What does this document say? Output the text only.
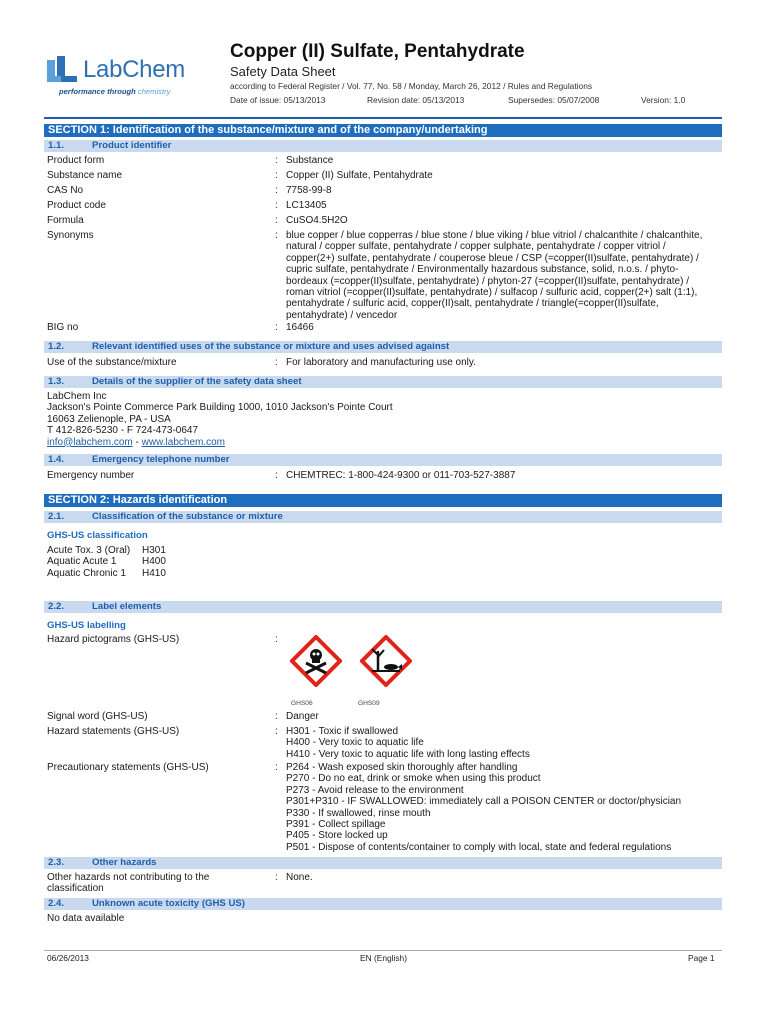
LabChem
performance through chemistry
Copper (II) Sulfate, Pentahydrate
Safety Data Sheet
according to Federal Register / Vol. 77, No. 58 / Monday, March 26, 2012 / Rules and Regulations
Date of issue: 05/13/2013	Revision date: 05/13/2013	Supersedes: 05/07/2008	Version: 1.0
SECTION 1: Identification of the substance/mixture and of the company/undertaking
1.1.	Product identifier
Product form	: Substance
Substance name	: Copper (II) Sulfate, Pentahydrate
CAS No	: 7758-99-8
Product code	: LC13405
Formula	: CuSO4.5H2O
Synonyms	: blue copper / blue copperras / blue stone / blue viking / blue vitriol / chalcanthite / chalcanthite,
natural / copper sulfate, pentahydrate / copper sulphate, pentahydrate / copper vitriol /
copper(2+) sulfate, pentahydrate / couperose bleue / CSP (=copper(II)sulfate, pentahydrate) /
cupric sulfate, pentahydrate / Environmentally hazardous substance, solid, n.o.s. / phyto-
bordeaux (=copper(II)sulfate, pentahydrate) / phyton-27 (=copper(II)sulfate, pentahydrate) /
roman vitriol (=copper(II)sulfate, pentahydrate) / sulfacop / sulfuric acid, copper(2+) salt (1:1),
pentahydrate / sulfuric acid, copper(II)salt, pentahydrate / triangle(=copper(II)sulfate,
pentahydrate) / vencedor
BIG no	: 16466
1.2.	Relevant identified uses of the substance or mixture and uses advised against
Use of the substance/mixture	: For laboratory and manufacturing use only.
1.3.	Details of the supplier of the safety data sheet
LabChem Inc
Jackson's Pointe Commerce Park Building 1000, 1010 Jackson's Pointe Court
16063 Zelienople, PA - USA
T 412-826-5230 - F 724-473-0647
info@labchem.com - www.labchem.com
1.4.	Emergency telephone number
Emergency number	: CHEMTREC: 1-800-424-9300 or 011-703-527-3887
SECTION 2: Hazards identification
2.1.	Classification of the substance or mixture
GHS-US classification
Acute Tox. 3 (Oral) H301
Aquatic Acute 1	H400
Aquatic Chronic 1 H410
2.2.	Label elements
GHS-US labelling
Hazard pictograms (GHS-US)	:
GHS06	GHS09
Signal word (GHS-US)	: Danger
Hazard statements (GHS-US)	: H301 - Toxic if swallowed
H400 - Very toxic to aquatic life
H410 - Very toxic to aquatic life with long lasting effects
Precautionary statements (GHS-US)	: P264 - Wash exposed skin thoroughly after handling
P270 - Do no eat, drink or smoke when using this product
P273 - Avoid release to the environment
P301+P310 - IF SWALLOWED: immediately call a POISON CENTER or doctor/physician
P330 - If swallowed, rinse mouth
P391 - Collect spillage
P405 - Store locked up
P501 - Dispose of contents/container to comply with local, state and federal regulations
2.3.	Other hazards
Other hazards not contributing to the
classification
: None.
2.4.	Unknown acute toxicity (GHS US)
No data available
06/26/2013	EN (English)	Page 1
